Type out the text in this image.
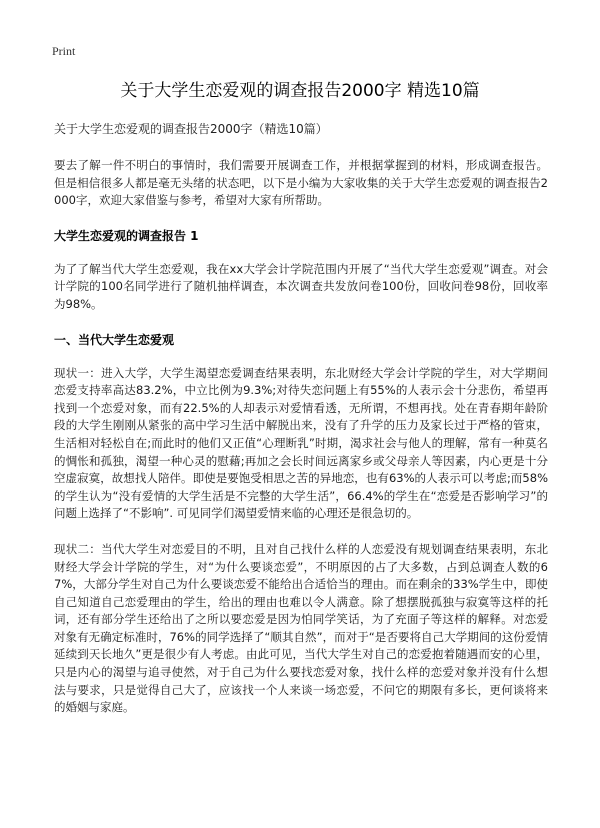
Print
关于大学生恋爱观的调查报告2000字 精选10篇
关于大学生恋爱观的调查报告2000字（精选10篇）

要去了解一件不明白的事情时，我们需要开展调查工作，并根据掌握到的材料，形成调查报告。但是相信很多人都是毫无头绪的状态吧，以下是小编为大家收集的关于大学生恋爱观的调查报告2000字，欢迎大家借鉴与参考，希望对大家有所帮助。

大学生恋爱观的调查报告 1

为了了解当代大学生恋爱观，我在xx大学会计学院范围内开展了“当代大学生恋爱观”调查。对会计学院的100名同学进行了随机抽样调查，本次调查共发放问卷100份，回收问卷98份，回收率为98%。

一、当代大学生恋爱观

现状一：进入大学，大学生渴望恋爱调查结果表明，东北财经大学会计学院的学生，对大学期间恋爱支持率高达83.2%，中立比例为9.3%;对待失恋问题上有55%的人表示会十分悲伤，希望再找到一个恋爱对象，而有22.5%的人却表示对爱情看透，无所谓，不想再找。处在青春期年龄阶段的大学生刚刚从紧张的高中学习生活中解脱出来，没有了升学的压力及家长过于严格的管束，生活相对轻松自在;而此时的他们又正值“心理断乳”时期，渴求社会与他人的理解，常有一种莫名的惆怅和孤独，渴望一种心灵的慰藉;再加之会长时间远离家乡或父母亲人等因素，内心更是十分空虚寂寞，故想找人陪伴。即使是要饱受相思之苦的异地恋，也有63%的人表示可以考虑;而58%的学生认为“没有爱情的大学生活是不完整的大学生活”，66.4%的学生在“恋爱是否影响学习”的问题上选择了“不影响”. 可见同学们渴望爱情来临的心理还是很急切的。

现状二：当代大学生对恋爱目的不明，且对自己找什么样的人恋爱没有规划调查结果表明，东北财经大学会计学院的学生，对“为什么要谈恋爱”，不明原因的占了大多数，占到总调查人数的67%，大部分学生对自己为什么要谈恋爱不能给出合适恰当的理由。而在剩余的33%学生中，即使自己知道自己恋爱理由的学生，给出的理由也难以令人满意。除了想摆脱孤独与寂寞等这样的托词，还有部分学生还给出了之所以要恋爱是因为怕同学笑话，为了充面子等这样的解释。对恋爱对象有无确定标准时，76%的同学选择了“顺其自然”，而对于“是否要将自己大学期间的这份爱情延续到天长地久”更是很少有人考虑。由此可见，当代大学生对自己的恋爱抱着随遇而安的心里，只是内心的渴望与追寻使然，对于自己为什么要找恋爱对象，找什么样的恋爱对象并没有什么想法与要求，只是觉得自己大了，应该找一个人来谈一场恋爱，不问它的期限有多长，更何谈将来的婚姻与家庭。
